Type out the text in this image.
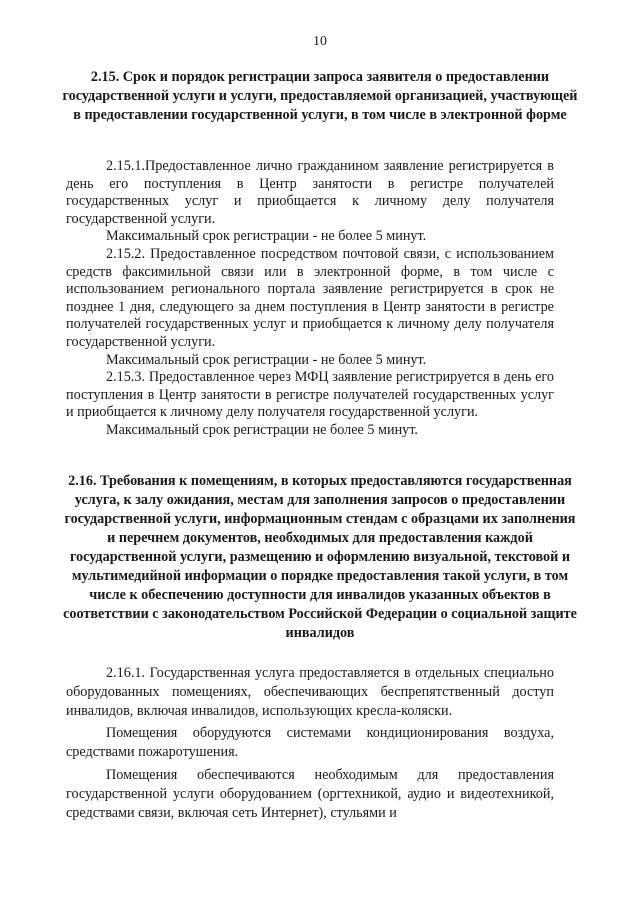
10
2.15. Срок и порядок регистрации запроса заявителя о предоставлении государственной услуги и услуги, предоставляемой организацией, участвующей в предоставлении государственной услуги, в том числе в электронной форме

2.15.1.Предоставленное лично гражданином заявление регистрируется в день его поступления в Центр занятости в регистре получателей государственных услуг и приобщается к личному делу получателя государственной услуги.

Максимальный срок регистрации - не более 5 минут.

2.15.2. Предоставленное посредством почтовой связи, с использованием средств факсимильной связи или в электронной форме, в том числе с использованием регионального портала заявление регистрируется в срок не позднее 1 дня, следующего за днем поступления в Центр занятости в регистре получателей государственных услуг и приобщается к личному делу получателя государственной услуги.

Максимальный срок регистрации - не более 5 минут.

2.15.3. Предоставленное через МФЦ заявление регистрируется в день его поступления в Центр занятости в регистре получателей государственных услуг и приобщается к личному делу получателя государственной услуги.

Максимальный срок регистрации не более 5 минут.

2.16. Требования к помещениям, в которых предоставляются государственная услуга, к залу ожидания, местам для заполнения запросов о предоставлении государственной услуги, информационным стендам с образцами их заполнения и перечнем документов, необходимых для предоставления каждой государственной услуги, размещению и оформлению визуальной, текстовой и мультимедийной информации о порядке предоставления такой услуги, в том числе к обеспечению доступности для инвалидов указанных объектов в соответствии с законодательством Российской Федерации о социальной защите инвалидов

2.16.1. Государственная услуга предоставляется в отдельных специально оборудованных помещениях, обеспечивающих беспрепятственный доступ инвалидов, включая инвалидов, использующих кресла-коляски.

Помещения оборудуются системами кондиционирования воздуха, средствами пожаротушения.

Помещения обеспечиваются необходимым для предоставления государственной услуги оборудованием (оргтехникой, аудио и видеотехникой, средствами связи, включая сеть Интернет), стульями и
